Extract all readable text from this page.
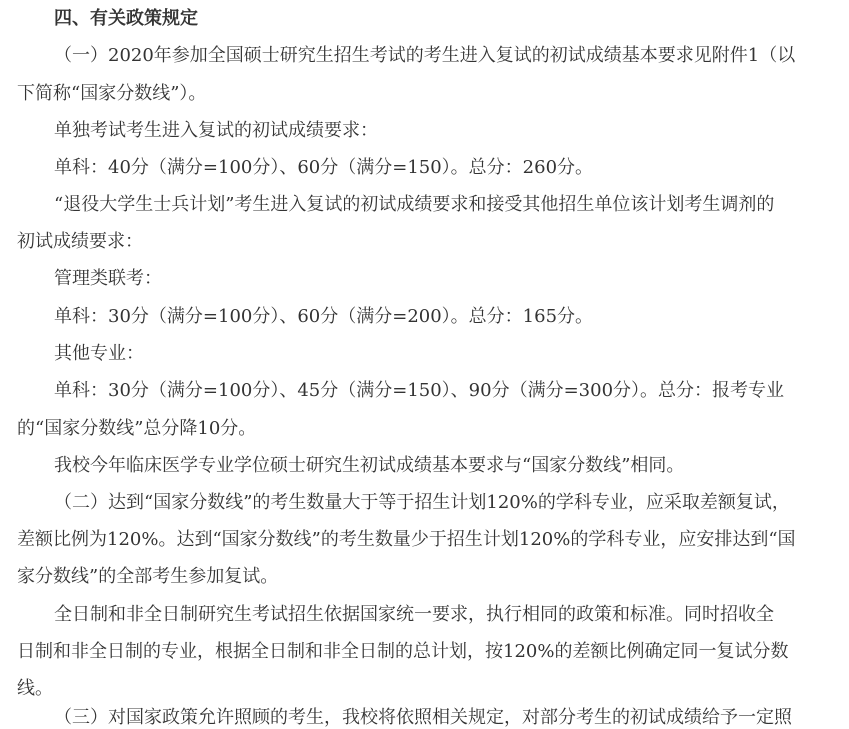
四、有关政策规定
（一）2020年参加全国硕士研究生招生考试的考生进入复试的初试成绩基本要求见附件1（以
下简称“国家分数线”）。
单独考试考生进入复试的初试成绩要求：
单科：40分（满分=100分）、60分（满分=150）。总分：260分。
“退役大学生士兵计划”考生进入复试的初试成绩要求和接受其他招生单位该计划考生调剂的
初试成绩要求：
管理类联考：
单科：30分（满分=100分）、60分（满分=200）。总分：165分。
其他专业：
单科：30分（满分=100分）、45分（满分=150）、90分（满分=300分）。总分：报考专业
的“国家分数线”总分降10分。
我校今年临床医学专业学位硕士研究生初试成绩基本要求与“国家分数线”相同。
（二）达到“国家分数线”的考生数量大于等于招生计划120%的学科专业，应采取差额复试，
差额比例为120%。达到“国家分数线”的考生数量少于招生计划120%的学科专业，应安排达到“国
家分数线”的全部考生参加复试。
全日制和非全日制研究生考试招生依据国家统一要求，执行相同的政策和标准。同时招收全
日制和非全日制的专业，根据全日制和非全日制的总计划，按120%的差额比例确定同一复试分数
线。
（三）对国家政策允许照顾的考生，我校将依照相关规定，对部分考生的初试成绩给予一定照
